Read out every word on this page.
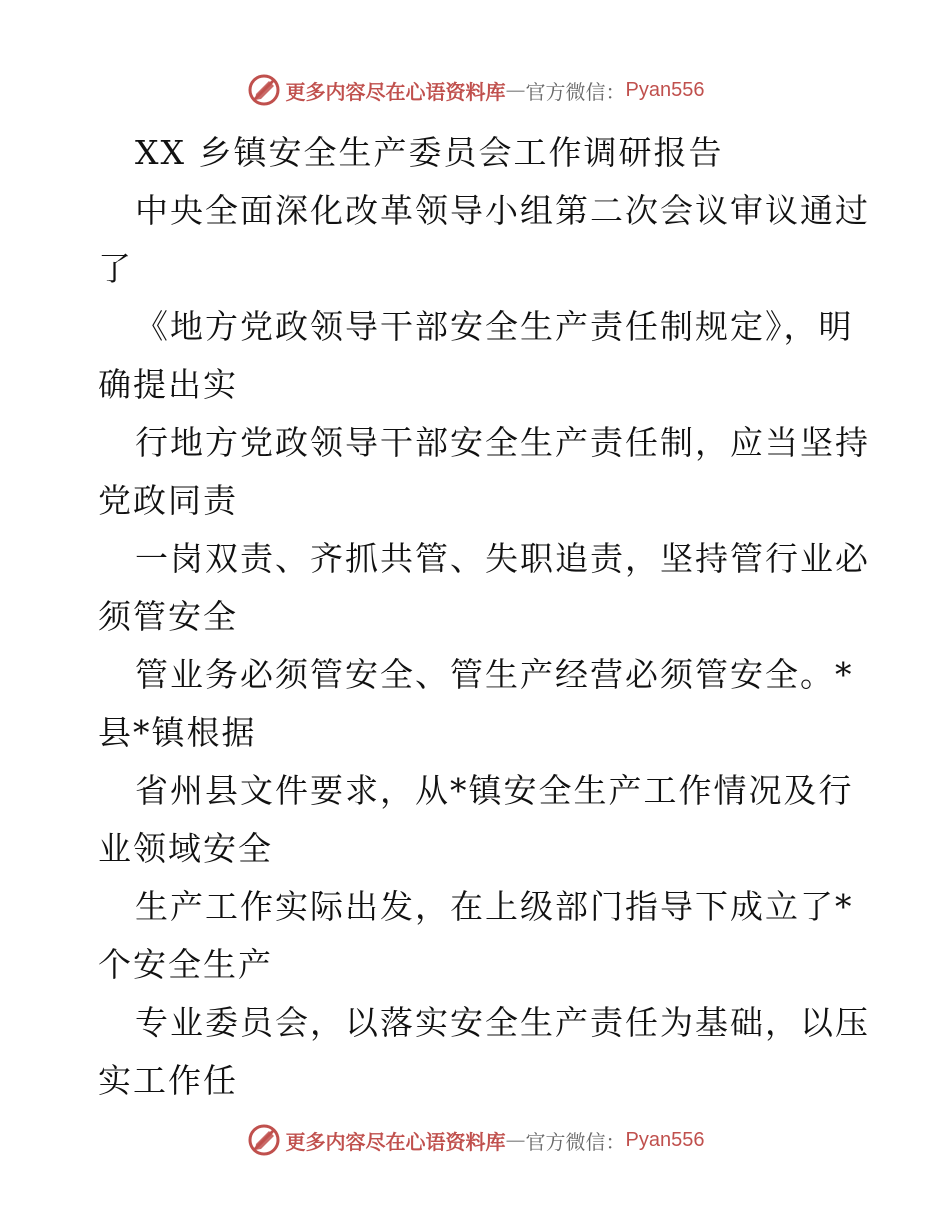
更多内容尽在心语资料库 — 官方微信： Pyan556
XX 乡镇安全生产委员会工作调研报告
中央全面深化改革领导小组第二次会议审议通过
了
《地方党政领导干部安全生产责任制规定》，明
确提出实
行地方党政领导干部安全生产责任制，应当坚持
党政同责
一岗双责、齐抓共管、失职追责，坚持管行业必
须管安全
管业务必须管安全、管生产经营必须管安全。*
县*镇根据
省州县文件要求，从*镇安全生产工作情况及行
业领域安全
生产工作实际出发，在上级部门指导下成立了*
个安全生产
专业委员会，以落实安全生产责任为基础，以压
实工作任
更多内容尽在心语资料库 — 官方微信： Pyan556
